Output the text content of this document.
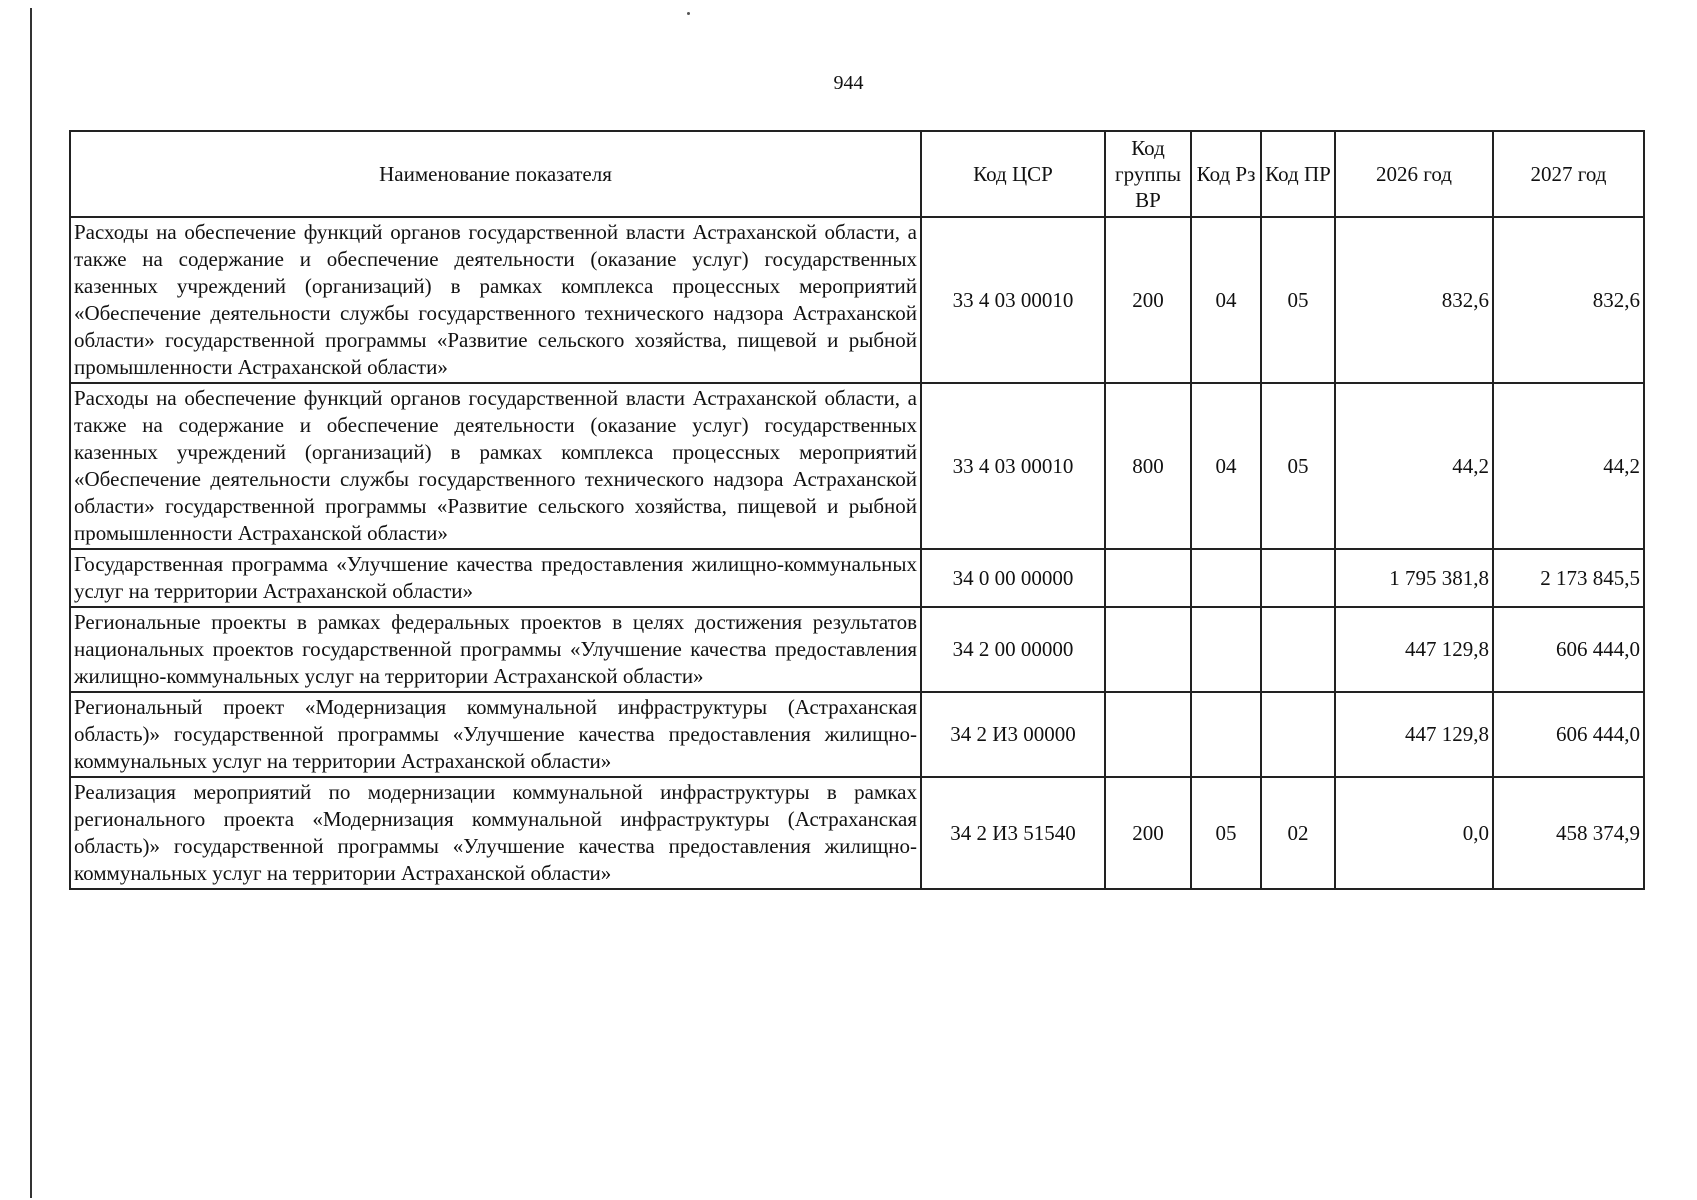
944
Наименование показателя	Код ЦСР	Код группы ВР	Код Рз	Код ПР	2026 год	2027 год
Расходы на обеспечение функций органов государственной власти Астраханской области, а также на содержание и обеспечение деятельности (оказание услуг) государственных казенных учреждений (организаций) в рамках комплекса процессных мероприятий «Обеспечение деятельности службы государственного технического надзора Астраханской области» государственной программы «Развитие сельского хозяйства, пищевой и рыбной промышленности Астраханской области»	33 4 03 00010	200	04	05	832,6	832,6
Расходы на обеспечение функций органов государственной власти Астраханской области, а также на содержание и обеспечение деятельности (оказание услуг) государственных казенных учреждений (организаций) в рамках комплекса процессных мероприятий «Обеспечение деятельности службы государственного технического надзора Астраханской области» государственной программы «Развитие сельского хозяйства, пищевой и рыбной промышленности Астраханской области»	33 4 03 00010	800	04	05	44,2	44,2
Государственная программа «Улучшение качества предоставления жилищно-коммунальных услуг на территории Астраханской области»	34 0 00 00000				1 795 381,8	2 173 845,5
Региональные проекты в рамках федеральных проектов в целях достижения результатов национальных проектов государственной программы «Улучшение качества предоставления жилищно-коммунальных услуг на территории Астраханской области»	34 2 00 00000				447 129,8	606 444,0
Региональный проект «Модернизация коммунальной инфраструктуры (Астраханская область)» государственной программы «Улучшение качества предоставления жилищно-коммунальных услуг на территории Астраханской области»	34 2 И3 00000				447 129,8	606 444,0
Реализация мероприятий по модернизации коммунальной инфраструктуры в рамках регионального проекта «Модернизация коммунальной инфраструктуры (Астраханская область)» государственной программы «Улучшение качества предоставления жилищно-коммунальных услуг на территории Астраханской области»	34 2 И3 51540	200	05	02	0,0	458 374,9
